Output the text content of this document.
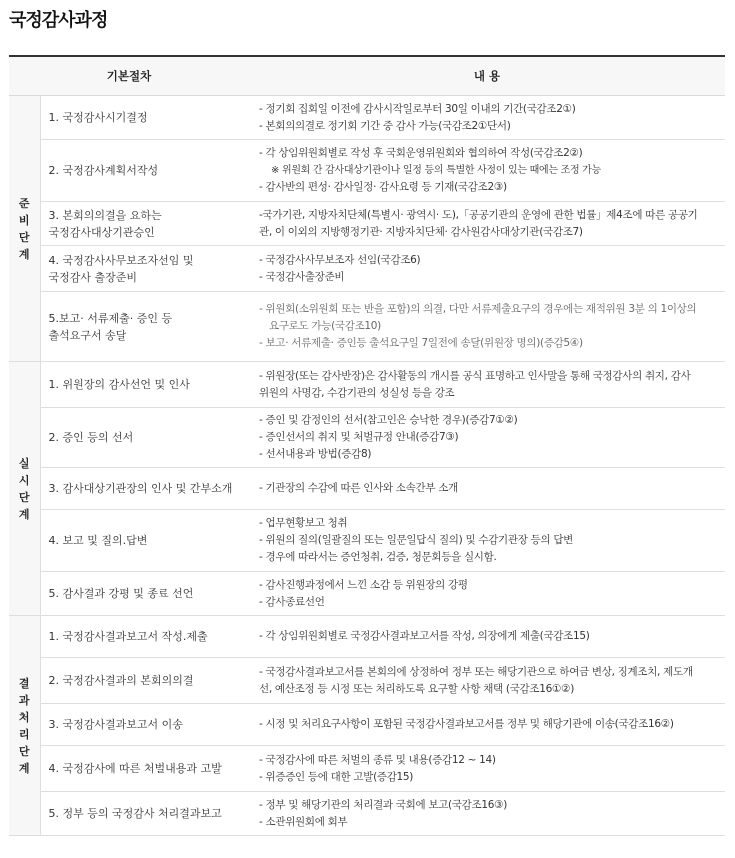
국정감사과정
기본절차		내 용
준비단계	1. 국정감사시기결정	- 정기회 집회일 이전에 감사시작일로부터 30일 이내의 기간(국감조2①)
- 본회의의결로 정기회 기간 중 감사 가능(국감조2①단서)

	2. 국정감사계획서작성	- 각 상임위원회별로 작성 후 국회운영위원회와 협의하여 작성(국감조2②)
※ 위원회 간 감사대상기관이나 일정 등의 특별한 사정이 있는 때에는 조정 가능
- 감사반의 편성· 감사일정· 감사요령 등 기재(국감조2③)

	3. 본회의의결을 요하는
국정감사대상기관승인	-국가기관, 지방자치단체(특별시· 광역시· 도),「공공기관의 운영에 관한 법률」제4조에 따른 공공기
관, 이 이외의 지방행정기관· 지방자치단체· 감사원감사대상기관(국감조7)

	4. 국정감사사무보조자선임 및
국정감사 출장준비	- 국정감사사무보조자 선임(국감조6)
- 국정감사출장준비

	5.보고· 서류제출· 증인 등
출석요구서 송달	- 위원회(소위원회 또는 반을 포함)의 의결, 다만 서류제출요구의 경우에는 재적위원 3분 의 1이상의
요구로도 가능(국감조10)
- 보고· 서류제출· 증인등 출석요구일 7일전에 송달(위원장 명의)(증감5④)

실시단계	1. 위원장의 감사선언 및 인사	- 위원장(또는 감사반장)은 감사활동의 개시를 공식 표명하고 인사말을 통해 국정감사의 취지, 감사
위원의 사명감, 수감기관의 성실성 등을 강조

	2. 증인 등의 선서	- 증인 및 감정인의 선서(참고인은 승낙한 경우)(증감7①②)
- 증인선서의 취지 및 처벌규정 안내(증감7③)
- 선서내용과 방법(증감8)

	3. 감사대상기관장의 인사 및 간부소개	- 기관장의 수감에 따른 인사와 소속간부 소개

	4. 보고 및 질의.답변	- 업무현황보고 청취
- 위원의 질의(일괄질의 또는 일문일답식 질의) 및 수감기관장 등의 답변
- 경우에 따라서는 증언청취, 검증, 청문회등을 실시함.

	5. 감사결과 강평 및 종료 선언	- 감사진행과정에서 느낀 소감 등 위원장의 강평
- 감사종료선언

결과처리단계	1. 국정감사결과보고서 작성.제출	- 각 상임위원회별로 국정감사결과보고서를 작성, 의장에게 제출(국감조15)

	2. 국정감사결과의 본회의의결	- 국정감사결과보고서를 본회의에 상정하여 정부 또는 해당기관으로 하여금 변상, 징계조치, 제도개
선, 예산조정 등 시정 또는 처리하도록 요구할 사항 채택 (국감조16①②)

	3. 국정감사결과보고서 이송	- 시정 및 처리요구사항이 포함된 국정감사결과보고서를 정부 및 해당기관에 이송(국감조16②)

	4. 국정감사에 따른 처벌내용과 고발	- 국정감사에 따른 처벌의 종류 및 내용(증감12 ~ 14)
- 위증증인 등에 대한 고발(증감15)

	5. 정부 등의 국정감사 처리결과보고	- 정부 및 해당기관의 처리결과 국회에 보고(국감조16③)
- 소관위원회에 회부
